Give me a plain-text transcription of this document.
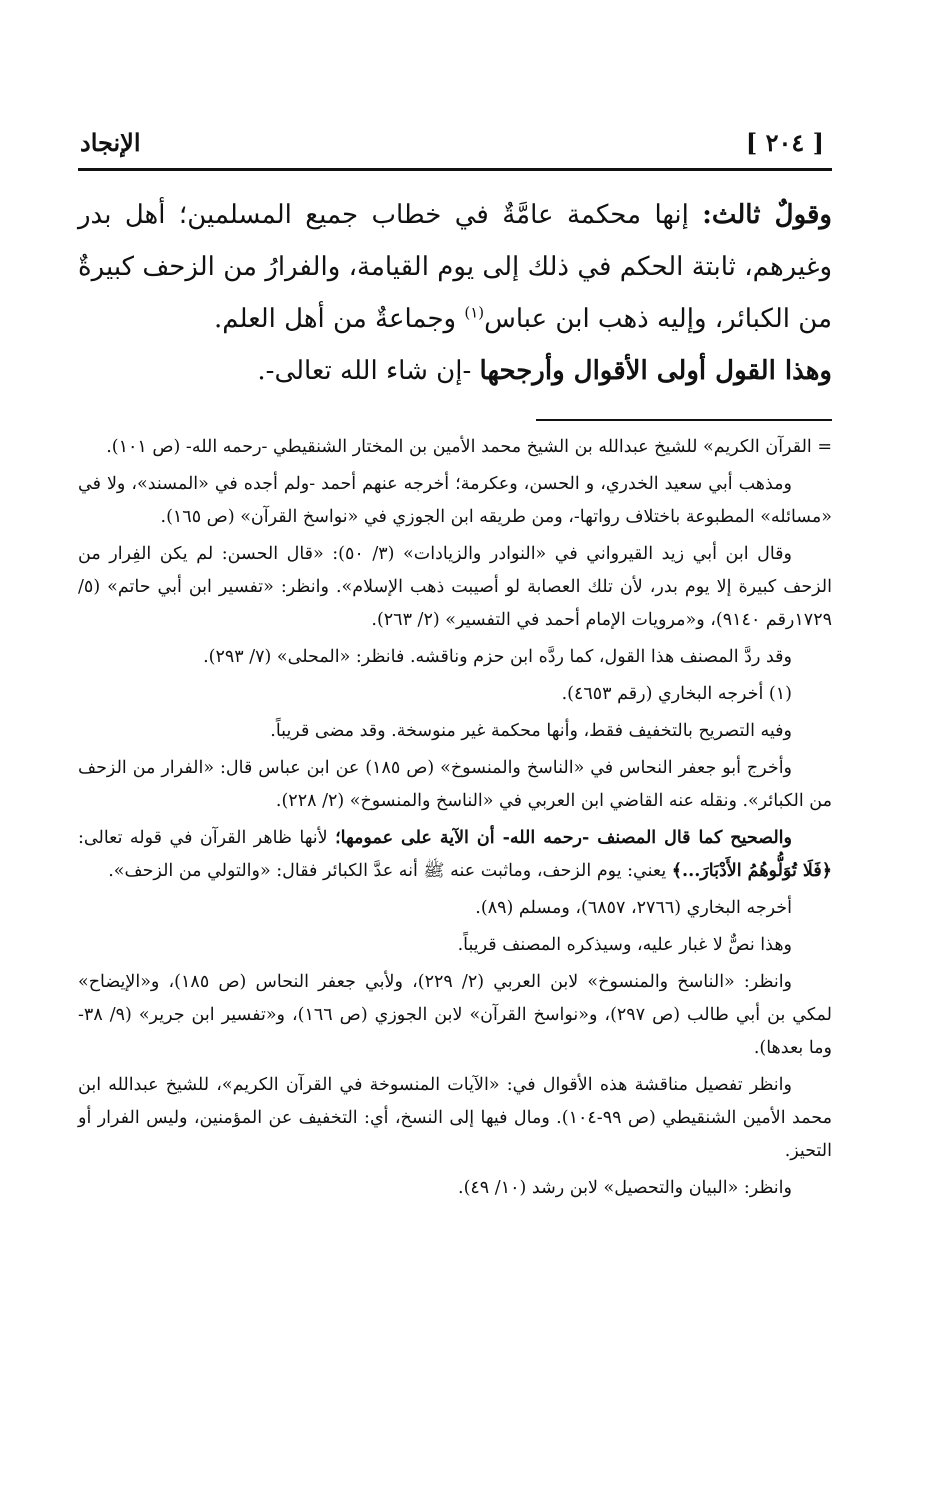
[ ٢٠٤ ]
الإنجاد

وقولٌ ثالث: إنها محكمة عامَّةٌ في خطاب جميع المسلمين؛ أهل بدر وغيرهم، ثابتة الحكم في ذلك إلى يوم القيامة، والفرارُ من الزحف كبيرةٌ من الكبائر، وإليه ذهب ابن عباس$^{(١)}$ وجماعةٌ من أهل العلم.

وهذا القول أولى الأقوال وأرجحها -إن شاء الله تعالى-.

= القرآن الكريم» للشيخ عبدالله بن الشيخ محمد الأمين بن المختار الشنقيطي -رحمه الله- (ص ١٠١).

ومذهب أبي سعيد الخدري، و الحسن، وعكرمة؛ أخرجه عنهم أحمد -ولم أجده في «المسند»، ولا في «مسائله» المطبوعة باختلاف رواتها-، ومن طريقه ابن الجوزي في «نواسخ القرآن» (ص ١٦٥).

وقال ابن أبي زيد القيرواني في «النوادر والزيادات» (٣/ ٥٠): «قال الحسن: لم يكن الفِرار من الزحف كبيرة إلا يوم بدر، لأن تلك العصابة لو أصيبت ذهب الإسلام». وانظر: «تفسير ابن أبي حاتم» (٥/ ١٧٢٩رقم ٩١٤٠)، و«مرويات الإمام أحمد في التفسير» (٢/ ٢٦٣).

وقد ردَّ المصنف هذا القول، كما ردَّه ابن حزم وناقشه. فانظر: «المحلى» (٧/ ٢٩٣).

(١) أخرجه البخاري (رقم ٤٦٥٣).

وفيه التصريح بالتخفيف فقط، وأنها محكمة غير منوسخة. وقد مضى قريباً.

وأخرج أبو جعفر النحاس في «الناسخ والمنسوخ» (ص ١٨٥) عن ابن عباس قال: «الفرار من الزحف من الكبائر». ونقله عنه القاضي ابن العربي في «الناسخ والمنسوخ» (٢/ ٢٢٨).

والصحيح كما قال المصنف -رحمه الله- أن الآية على عمومها؛ لأنها ظاهر القرآن في قوله تعالى: ﴿فَلَا تُوَلُّوهُمُ الأَدْبَارَ...﴾ يعني: يوم الزحف، وماثبت عنه ﷺ أنه عدَّ الكبائر فقال: «والتولي من الزحف».

أخرجه البخاري (٢٧٦٦، ٦٨٥٧)، ومسلم (٨٩).

وهذا نصٌّ لا غبار عليه، وسيذكره المصنف قريباً.

وانظر: «الناسخ والمنسوخ» لابن العربي (٢/ ٢٢٩)، ولأبي جعفر النحاس (ص ١٨٥)، و«الإيضاح» لمكي بن أبي طالب (ص ٢٩٧)، و«نواسخ القرآن» لابن الجوزي (ص ١٦٦)، و«تفسير ابن جرير» (٩/ ٣٨- وما بعدها).

وانظر تفصيل مناقشة هذه الأقوال في: «الآيات المنسوخة في القرآن الكريم»، للشيخ عبدالله ابن محمد الأمين الشنقيطي (ص ٩٩-١٠٤). ومال فيها إلى النسخ، أي: التخفيف عن المؤمنين، وليس الفرار أو التحيز.

وانظر: «البيان والتحصيل» لابن رشد (١٠/ ٤٩).
